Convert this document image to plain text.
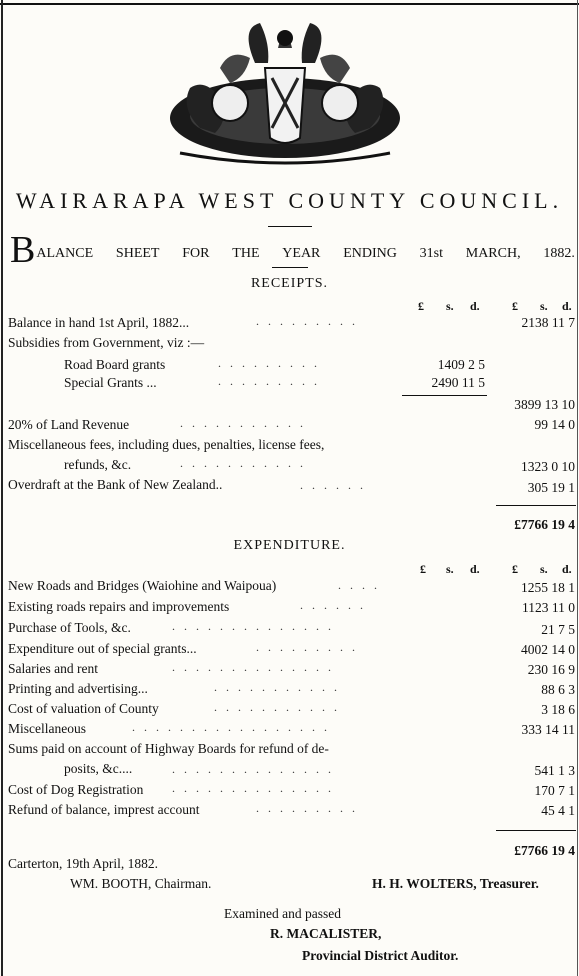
WAIRARAPA WEST COUNTY COUNCIL.
B ALANCE SHEET FOR THE YEAR ENDING 31st MARCH, 1882.
RECEIPTS.
£ s. d.	£ s. d.
Balance in hand 1st April, 1882...	.........	2138 11 7
Subsidies from Government, viz :—
Road Board grants	.........	1409 2 5
Special Grants ...	.........	2490 11 5
3899 13 10
20% of Land Revenue	...........	99 14 0
Miscellaneous fees, including dues, penalties, license fees,
refunds, &c.	...........	1323 0 10
Overdraft at the Bank of New Zealand..	......	305 19 1
£7766 19 4
EXPENDITURE.
£ s. d.	£ s. d.
New Roads and Bridges (Waiohine and Waipoua)	....	1255 18 1
Existing roads repairs and improvements	......	1123 11 0
Purchase of Tools, &c.	..............	21 7 5
Expenditure out of special grants...	.........	4002 14 0
Salaries and rent	..............	230 16 9
Printing and advertising...	...........	88 6 3
Cost of valuation of County	...........	3 18 6
Miscellaneous	.................	333 14 11
Sums paid on account of Highway Boards for refund of de-
posits, &c....	..............	541 1 3
Cost of Dog Registration ..............	170 7 1
Refund of balance, imprest account	.........	45 4 1
£7766 19 4
Carterton, 19th April, 1882.
WM. BOOTH, Chairman.	H. H. WOLTERS, Treasurer.
Examined and passed
R. MACALISTER,
Provincial District Auditor.
